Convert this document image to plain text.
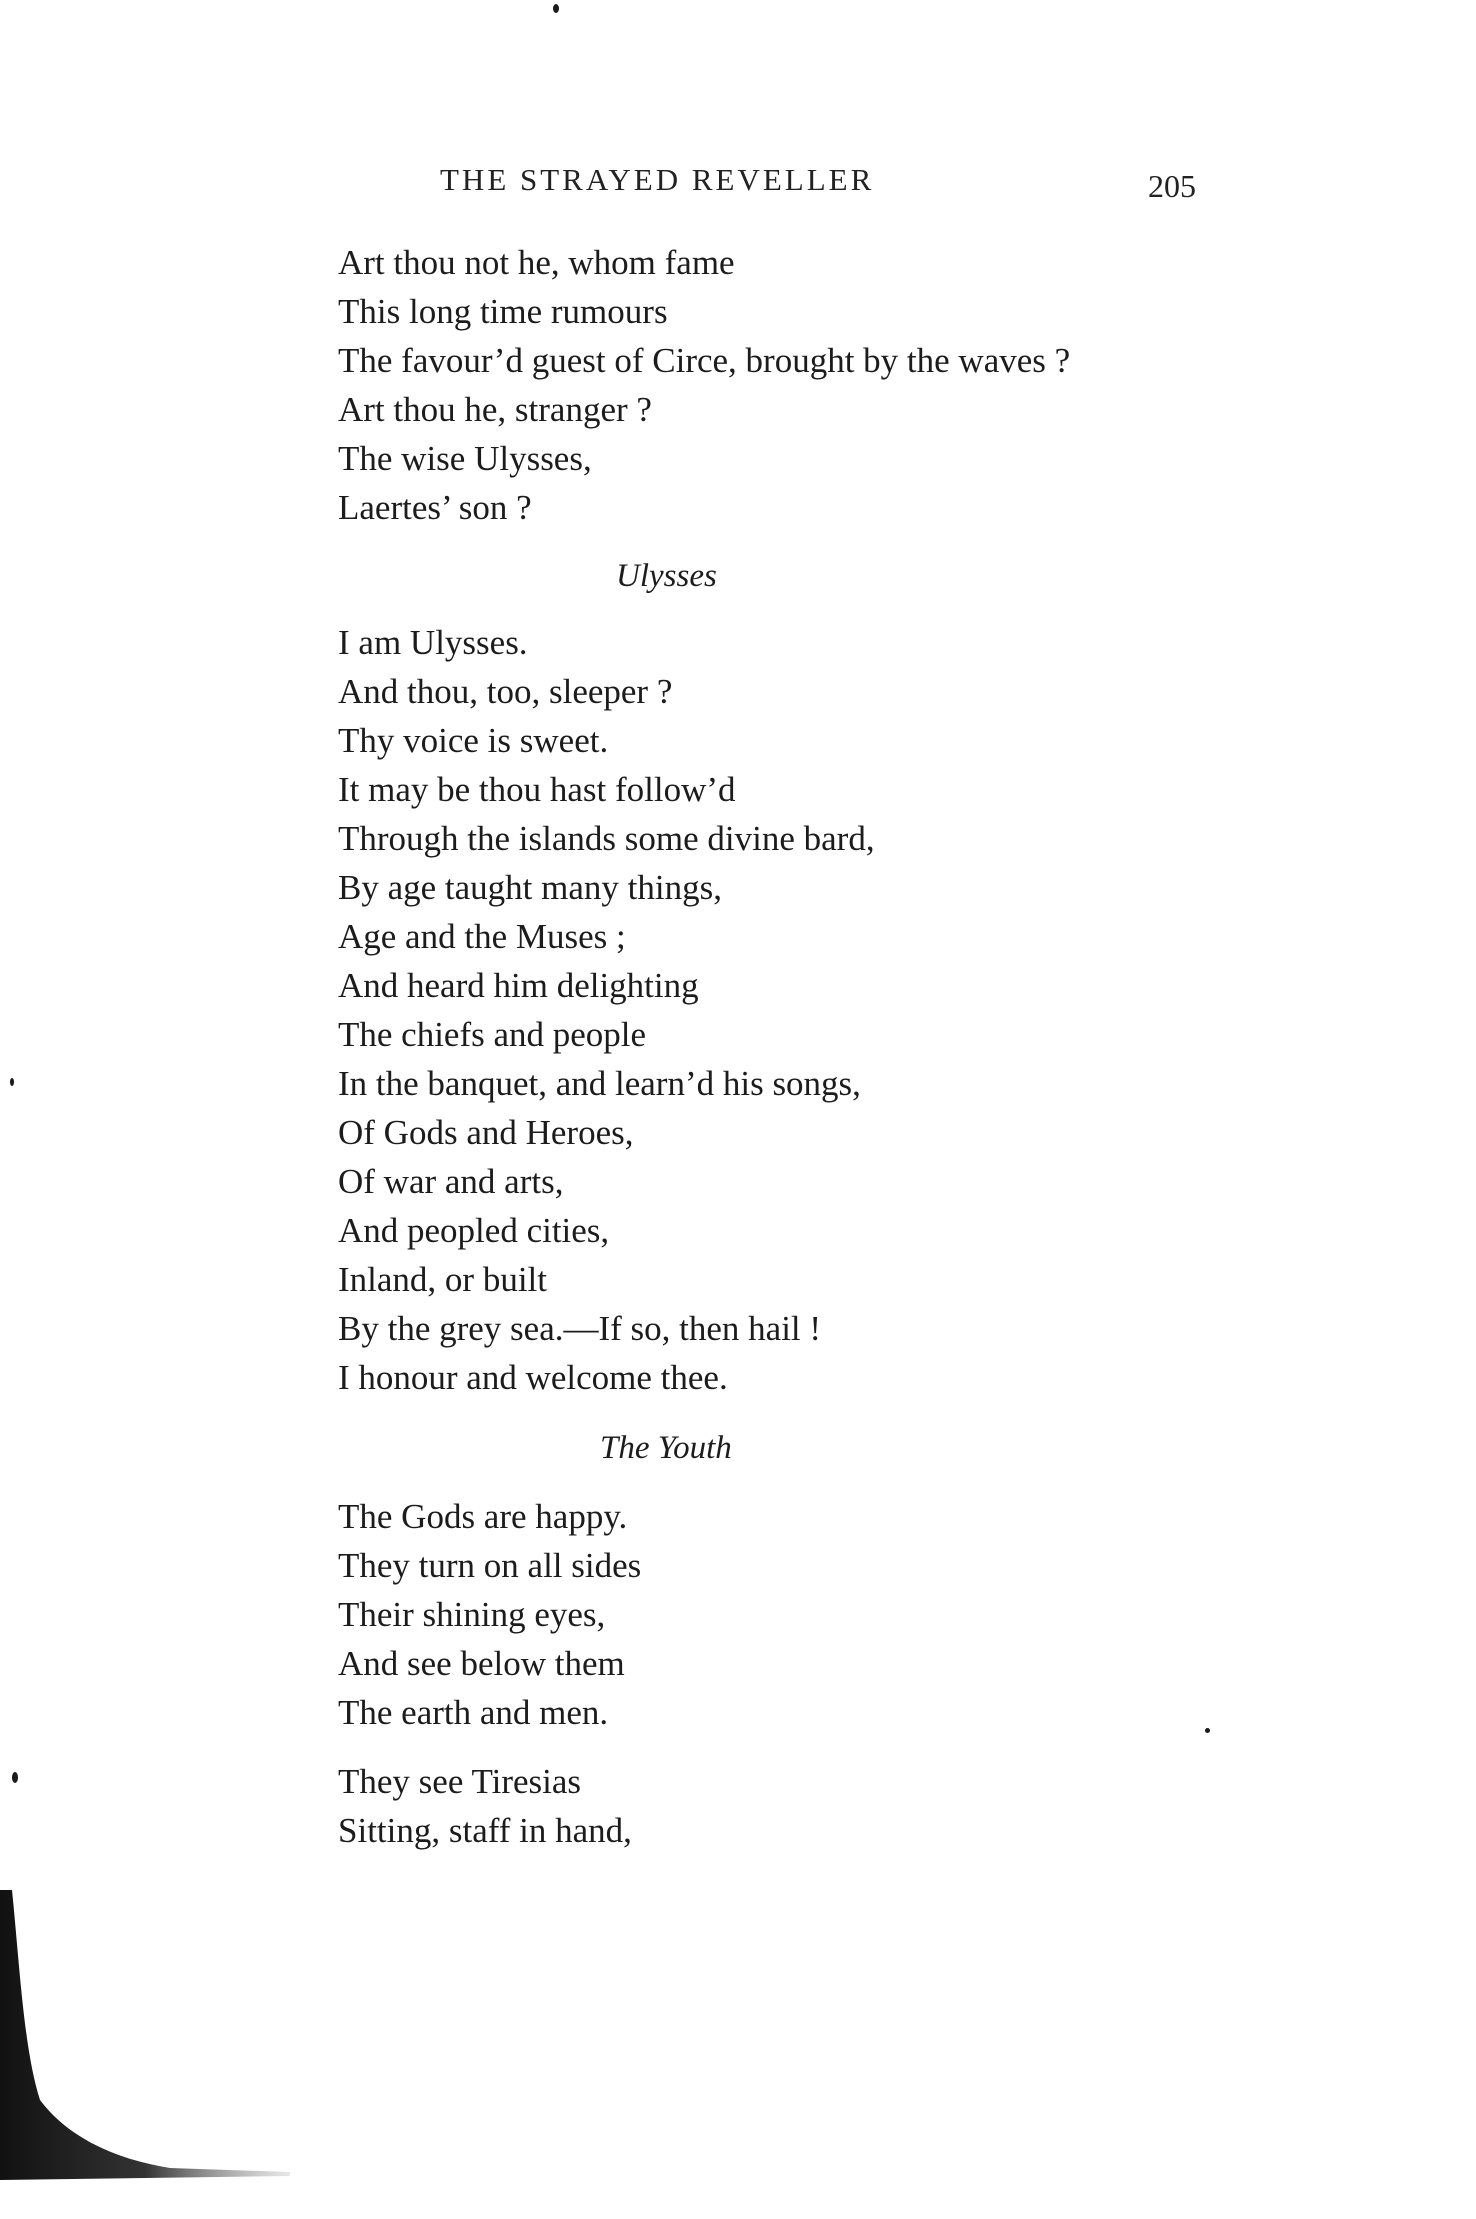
THE STRAYED REVELLER	205
Art thou not he, whom fame
This long time rumours
The favour’d guest of Circe, brought by the waves ?
Art thou he, stranger ?
The wise Ulysses,
Laertes’ son ?
Ulysses
I am Ulysses.
And thou, too, sleeper ?
Thy voice is sweet.
It may be thou hast follow’d
Through the islands some divine bard,
By age taught many things,
Age and the Muses ;
And heard him delighting
The chiefs and people
In the banquet, and learn’d his songs,
Of Gods and Heroes,
Of war and arts,
And peopled cities,
Inland, or built
By the grey sea.—If so, then hail !
I honour and welcome thee.
The Youth
The Gods are happy.
They turn on all sides
Their shining eyes,
And see below them
The earth and men.
They see Tiresias
Sitting, staff in hand,
